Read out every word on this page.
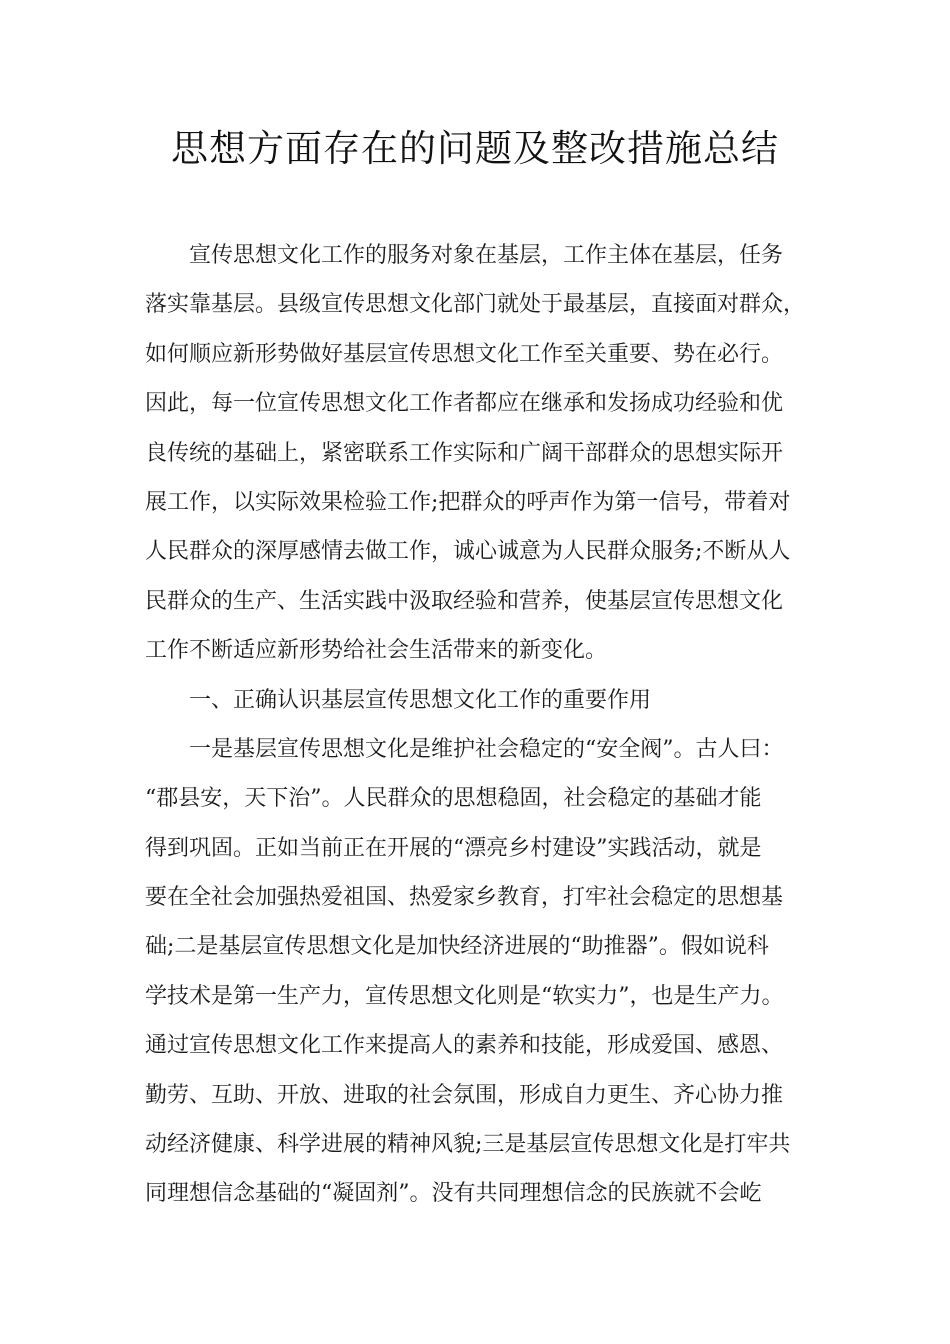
思想方面存在的问题及整改措施总结
宣传思想文化工作的服务对象在基层，工作主体在基层，任务
落实靠基层。县级宣传思想文化部门就处于最基层，直接面对群众，
如何顺应新形势做好基层宣传思想文化工作至关重要、势在必行。
因此，每一位宣传思想文化工作者都应在继承和发扬成功经验和优
良传统的基础上，紧密联系工作实际和广阔干部群众的思想实际开
展工作，以实际效果检验工作;把群众的呼声作为第一信号，带着对
人民群众的深厚感情去做工作，诚心诚意为人民群众服务;不断从人
民群众的生产、生活实践中汲取经验和营养，使基层宣传思想文化
工作不断适应新形势给社会生活带来的新变化。
一、正确认识基层宣传思想文化工作的重要作用
一是基层宣传思想文化是维护社会稳定的“安全阀”。古人曰：
“郡县安，天下治”。人民群众的思想稳固，社会稳定的基础才能
得到巩固。正如当前正在开展的“漂亮乡村建设”实践活动，就是
要在全社会加强热爱祖国、热爱家乡教育，打牢社会稳定的思想基
础;二是基层宣传思想文化是加快经济进展的“助推器”。假如说科
学技术是第一生产力，宣传思想文化则是“软实力”，也是生产力。
通过宣传思想文化工作来提高人的素养和技能，形成爱国、感恩、
勤劳、互助、开放、进取的社会氛围，形成自力更生、齐心协力推
动经济健康、科学进展的精神风貌;三是基层宣传思想文化是打牢共
同理想信念基础的“凝固剂”。没有共同理想信念的民族就不会屹
